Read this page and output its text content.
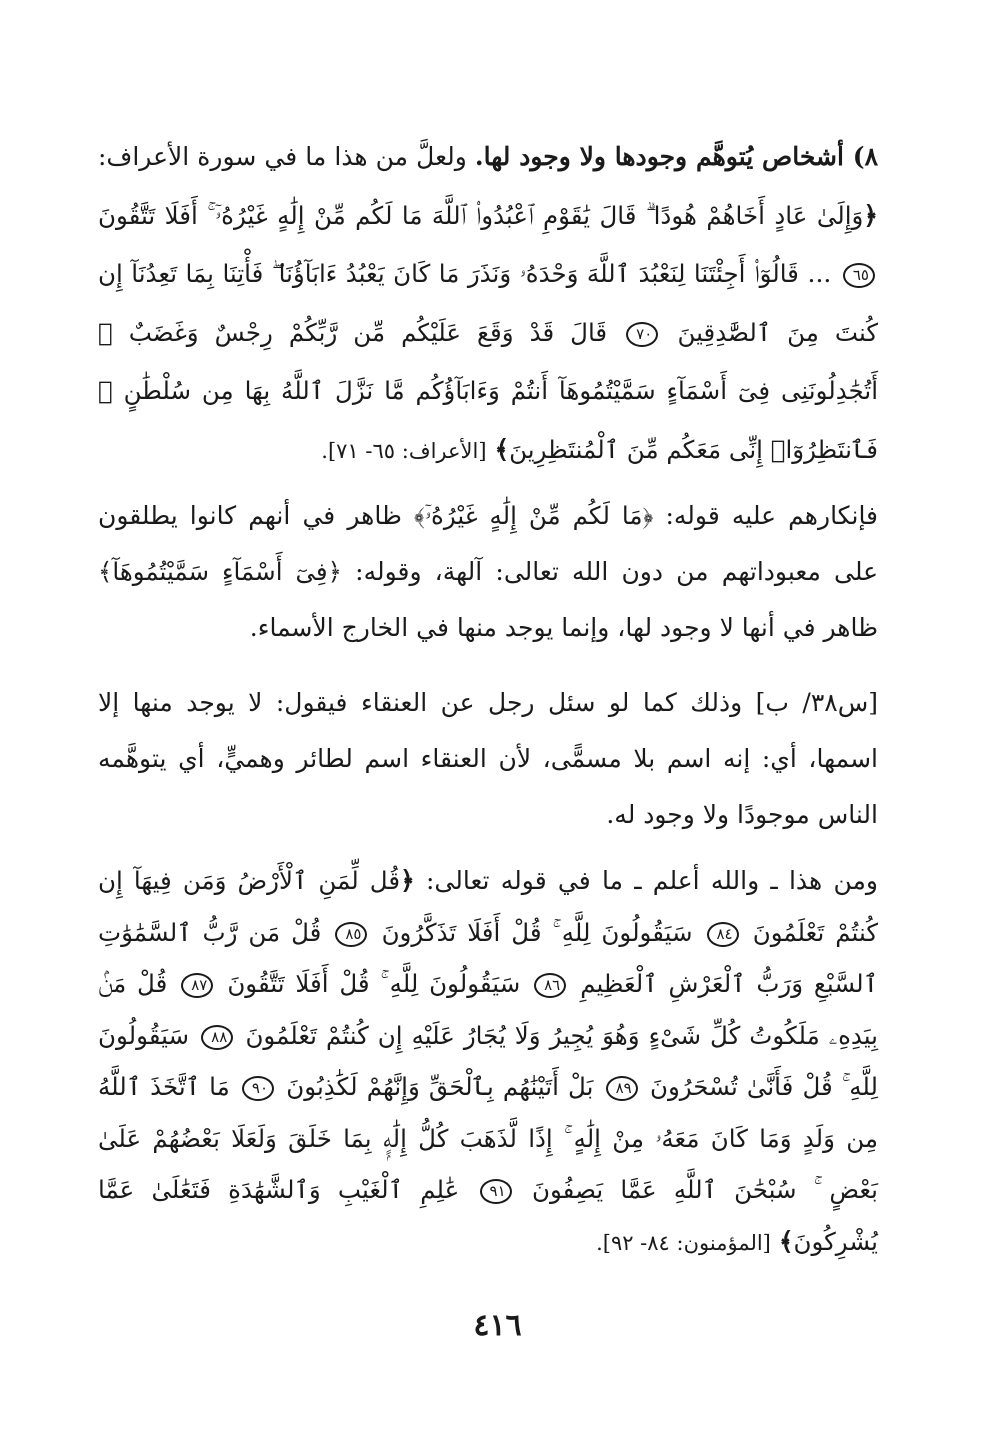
٨) أشخاص يُتوهَّم وجودها ولا وجود لها. ولعلَّ من هذا ما في سورة الأعراف: ﴿وَإِلَىٰ عَادٍ أَخَاهُمْ هُودًا ۗ قَالَ يَٰقَوْمِ ٱعْبُدُوا۟ ٱللَّهَ مَا لَكُم مِّنْ إِلَٰهٍ غَيْرُهُۥٓ ۚ أَفَلَا تَتَّقُونَ ٦٥ ... قَالُوٓا۟ أَجِئْتَنَا لِنَعْبُدَ ٱللَّهَ وَحْدَهُۥ وَنَذَرَ مَا كَانَ يَعْبُدُ ءَابَآؤُنَا ۖ فَأْتِنَا بِمَا تَعِدُنَآ إِن كُنتَ مِنَ ٱلصَّٰدِقِينَ ٧٠ قَالَ قَدْ وَقَعَ عَلَيْكُم مِّن رَّبِّكُمْ رِجْسٌ وَغَضَبٌ ۖ أَتُجَٰدِلُونَنِى فِىٓ أَسْمَآءٍ سَمَّيْتُمُوهَآ أَنتُمْ وَءَابَآؤُكُم مَّا نَزَّلَ ٱللَّهُ بِهَا مِن سُلْطَٰنٍ ۚ فَٱنتَظِرُوٓا۟ إِنِّى مَعَكُم مِّنَ ٱلْمُنتَظِرِينَ﴾ [الأعراف: ٦٥- ٧١].

فإنكارهم عليه قوله: ﴿مَا لَكُم مِّنْ إِلَٰهٍ غَيْرُهُۥٓ﴾ ظاهر في أنهم كانوا يطلقون على معبوداتهم من دون الله تعالى: آلهة، وقوله: ﴿فِىٓ أَسْمَآءٍ سَمَّيْتُمُوهَآ﴾ ظاهر في أنها لا وجود لها، وإنما يوجد منها في الخارج الأسماء.

[س٣٨/ ب] وذلك كما لو سئل رجل عن العنقاء فيقول: لا يوجد منها إلا اسمها، أي: إنه اسم بلا مسمًّى، لأن العنقاء اسم لطائر وهميٍّ، أي يتوهَّمه الناس موجودًا ولا وجود له.

ومن هذا ـ والله أعلم ـ ما في قوله تعالى: ﴿قُل لِّمَنِ ٱلْأَرْضُ وَمَن فِيهَآ إِن كُنتُمْ تَعْلَمُونَ ٨٤ سَيَقُولُونَ لِلَّهِ ۚ قُلْ أَفَلَا تَذَكَّرُونَ ٨٥ قُلْ مَن رَّبُّ ٱلسَّمَٰوَٰتِ ٱلسَّبْعِ وَرَبُّ ٱلْعَرْشِ ٱلْعَظِيمِ ٨٦ سَيَقُولُونَ لِلَّهِ ۚ قُلْ أَفَلَا تَتَّقُونَ ٨٧ قُلْ مَنۢ بِيَدِهِۦ مَلَكُوتُ كُلِّ شَىْءٍ وَهُوَ يُجِيرُ وَلَا يُجَارُ عَلَيْهِ إِن كُنتُمْ تَعْلَمُونَ ٨٨ سَيَقُولُونَ لِلَّهِ ۚ قُلْ فَأَنَّىٰ تُسْحَرُونَ ٨٩ بَلْ أَتَيْنَٰهُم بِٱلْحَقِّ وَإِنَّهُمْ لَكَٰذِبُونَ ٩٠ مَا ٱتَّخَذَ ٱللَّهُ مِن وَلَدٍ وَمَا كَانَ مَعَهُۥ مِنْ إِلَٰهٍ ۚ إِذًا لَّذَهَبَ كُلُّ إِلَٰهٍۭ بِمَا خَلَقَ وَلَعَلَا بَعْضُهُمْ عَلَىٰ بَعْضٍ ۚ سُبْحَٰنَ ٱللَّهِ عَمَّا يَصِفُونَ ٩١ عَٰلِمِ ٱلْغَيْبِ وَٱلشَّهَٰدَةِ فَتَعَٰلَىٰ عَمَّا يُشْرِكُونَ﴾ [المؤمنون: ٨٤- ٩٢].

٤١٦
